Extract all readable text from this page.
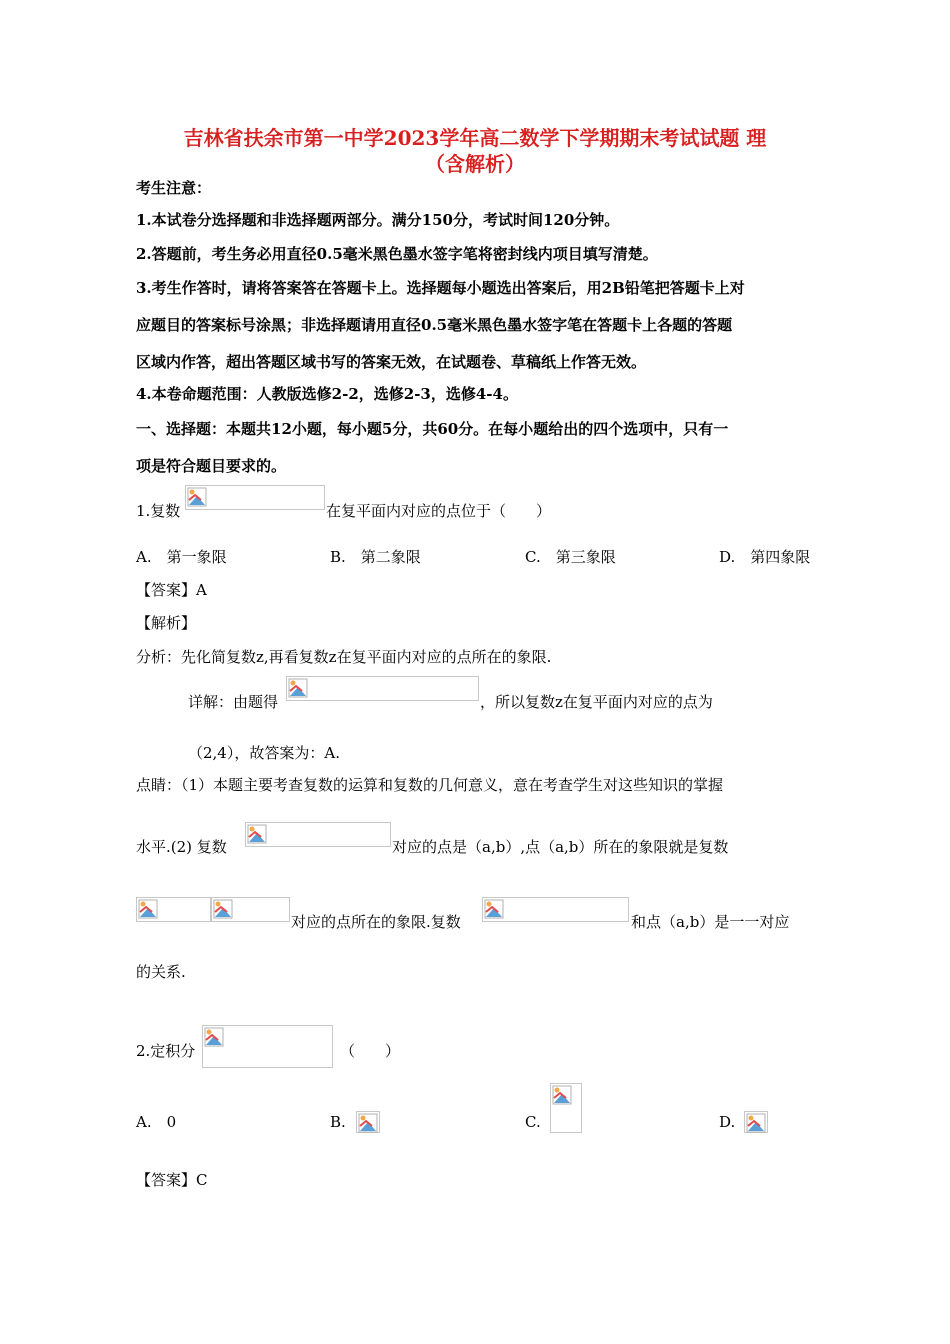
吉林省扶余市第一中学2023学年高二数学下学期期末考试试题 理
（含解析）
考生注意：
1.本试卷分选择题和非选择题两部分。满分150分，考试时间120分钟。
2.答题前，考生务必用直径0.5毫米黑色墨水签字笔将密封线内项目填写清楚。
3.考生作答时，请将答案答在答题卡上。选择题每小题选出答案后，用2B铅笔把答题卡上对
应题目的答案标号涂黑；非选择题请用直径0.5毫米黑色墨水签字笔在答题卡上各题的答题
区域内作答，超出答题区域书写的答案无效，在试题卷、草稿纸上作答无效。
4.本卷命题范围：人教版选修2-2，选修2-3，选修4-4。
一、选择题：本题共12小题，每小题5分，共60分。在每小题给出的四个选项中，只有一
项是符合题目要求的。
1.复数	在复平面内对应的点位于（　　）
A.　第一象限	B.　第二象限	C.　第三象限	D.　第四象限
【答案】A
【解析】
分析：先化简复数z,再看复数z在复平面内对应的点所在的象限.
详解：由题得	，所以复数z在复平面内对应的点为
（2,4），故答案为：A.
点睛：（1）本题主要考查复数的运算和复数的几何意义，意在考查学生对这些知识的掌握
水平.(2) 复数	对应的点是（a,b）,点（a,b）所在的象限就是复数
对应的点所在的象限.复数	和点（a,b）是一一对应
的关系.
2.定积分	（　　）
A.　0	B.	C.	D.
【答案】C
